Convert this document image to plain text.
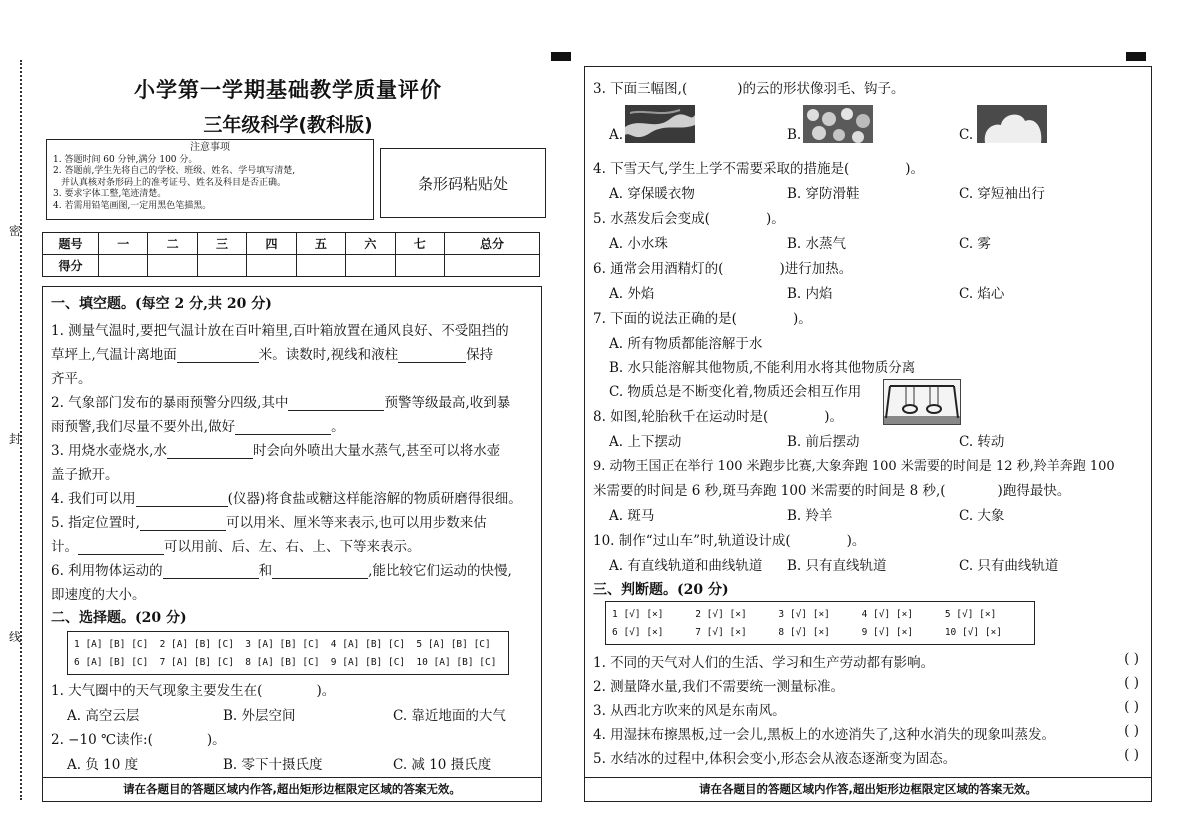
密
封
线
小学第一学期基础教学质量评价
三年级科学(教科版)
注意事项
1. 答题时间 60 分钟,满分 100 分。
2. 答题前,学生先将自己的学校、班级、姓名、学号填写清楚,
并认真核对条形码上的准考证号、姓名及科目是否正确。
3. 要求字体工整,笔迹清楚。
4. 若需用铅笔画图,一定用黑色笔描黑。
条形码粘贴处
题号	一	二	三	四	五	六	七	总分
得分								
一、填空题。(每空 2 分,共 20 分)
1. 测量气温时,要把气温计放在百叶箱里,百叶箱放置在通风良好、不受阻挡的
草坪上,气温计离地面	米。读数时,视线和液柱	保持
齐平。
2. 气象部门发布的暴雨预警分四级,其中	预警等级最高,收到暴
雨预警,我们尽量不要外出,做好	。
3. 用烧水壶烧水,水	时会向外喷出大量水蒸气,甚至可以将水壶
盖子掀开。
4. 我们可以用	(仪器)将食盐或糖这样能溶解的物质研磨得很细。
5. 指定位置时,	可以用米、厘米等来表示,也可以用步数来估
计。	可以用前、后、左、右、上、下等来表示。
6. 利用物体运动的	和	,能比较它们运动的快慢,
即速度的大小。
二、选择题。(20 分)
1 [A] [B] [C]	2 [A] [B] [C]	3 [A] [B] [C]	4 [A] [B] [C]	5 [A] [B] [C]
6 [A] [B] [C]	7 [A] [B] [C]	8 [A] [B] [C]	9 [A] [B] [C]	10 [A] [B] [C]
1. 大气圈中的天气现象主要发生在(	)。
A. 高空云层	B. 外层空间	C. 靠近地面的大气
2. −10 ℃读作:(	)。
A. 负 10 度	B. 零下十摄氏度	C. 减 10 摄氏度
请在各题目的答题区域内作答,超出矩形边框限定区域的答案无效。
3. 下面三幅图,(	)的云的形状像羽毛、钩子。
A.	B.	C.
4. 下雪天气,学生上学不需要采取的措施是(	)。
A. 穿保暖衣物	B. 穿防滑鞋	C. 穿短袖出行
5. 水蒸发后会变成(	)。
A. 小水珠	B. 水蒸气	C. 雾
6. 通常会用酒精灯的(	)进行加热。
A. 外焰	B. 内焰	C. 焰心
7. 下面的说法正确的是(	)。
A. 所有物质都能溶解于水
B. 水只能溶解其他物质,不能利用水将其他物质分离
C. 物质总是不断变化着,物质还会相互作用
8. 如图,轮胎秋千在运动时是(	)。
A. 上下摆动	B. 前后摆动	C. 转动
9. 动物王国正在举行 100 米跑步比赛,大象奔跑 100 米需要的时间是 12 秒,羚羊奔跑 100
米需要的时间是 6 秒,斑马奔跑 100 米需要的时间是 8 秒,(	)跑得最快。
A. 斑马	B. 羚羊	C. 大象
10. 制作“过山车”时,轨道设计成(	)。
A. 有直线轨道和曲线轨道 B. 只有直线轨道	C. 只有曲线轨道
三、判断题。(20 分)
1 [√] [×]	2 [√] [×]	3 [√] [×]	4 [√] [×]	5 [√] [×]
6 [√] [×]	7 [√] [×]	8 [√] [×]	9 [√] [×]	10 [√] [×]
1. 不同的天气对人们的生活、学习和生产劳动都有影响。	( )
2. 测量降水量,我们不需要统一测量标准。	( )
3. 从西北方吹来的风是东南风。	( )
4. 用湿抹布擦黑板,过一会儿,黑板上的水迹消失了,这种水消失的现象叫蒸发。	( )
5. 水结冰的过程中,体积会变小,形态会从液态逐渐变为固态。	( )
请在各题目的答题区域内作答,超出矩形边框限定区域的答案无效。
